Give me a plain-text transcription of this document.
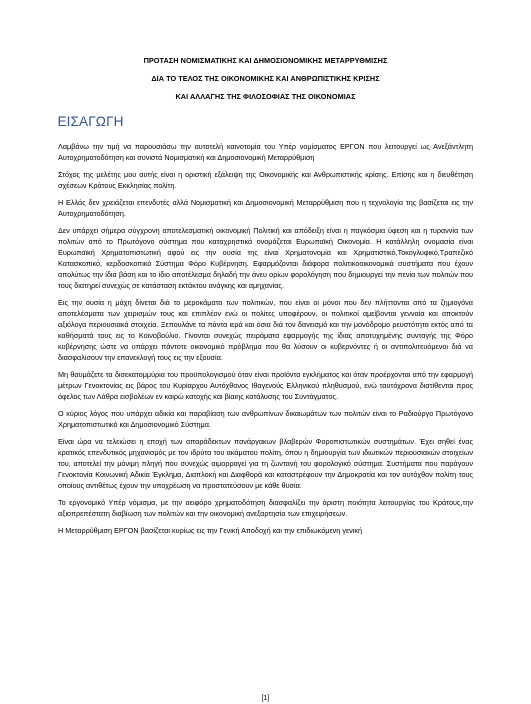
ΠΡΟΤΑΣΗ ΝΟΜΙΣΜΑΤΙΚΗΣ ΚΑΙ ΔΗΜΟΣΙΟΝΟΜΙΚΗΣ ΜΕΤΑΡΡΥΘΜΙΣΗΣ

ΔΙΑ ΤΟ ΤΕΛΟΣ ΤΗΣ ΟΙΚΟΝΟΜΙΚΗΣ ΚΑΙ ΑΝΘΡΩΠΙΣΤΙΚΗΣ ΚΡΙΣΗΣ

ΚΑΙ ΑΛΛΑΓΗΣ ΤΗΣ ΦΙΛΟΣΟΦΙΑΣ ΤΗΣ ΟΙΚΟΝΟΜΙΑΣ

ΕΙΣΑΓΩΓΗ

Λαμβάνω την τιμή να παρουσιάσω την αυτοτελή καινοτομία του Υπέρ νομίσματος ΕΡΓΟΝ που λειτουργεί ως Ανεξάντλητη Αυτοχρηματοδότηση και συνιστά Νομισματική και Δημοσιονομική Μεταρρύθμιση

Στόχος της μελέτης μου αυτής είναι η οριστική εξάλειψη της Οικονομικής και Ανθρωπιστικής κρίσης. Επίσης και η διευθέτηση σχέσεων Κράτους Εκκλησίας πολίτη.

Η Ελλάς δεν χρειάζεται επενδυτές αλλά Νομισματική και Δημοσιονομική Μεταρρύθμιση που η τεχνολογία της βασίζεται εις την Αυτοχρηματοδότηση.

Δεν υπάρχει σήμερα σύγχρονη αποτελεσματική οικονομική Πολιτική και απόδειξη είναι η παγκόσμια ύφεση και η τυραννία των πολιτών από το Πρωτόγονο σύστημα που καταχρηστικά ονομάζεται Ευρωπαϊκή Οικονομία. Η κατάλληλη ονομασία είναι Ευρωπαϊκή Χρηματοπιστωτική αφού εις την ουσία της είναι Χρηματονομία και Χρηματιστικό,Τοκογλυφικό,Τραπεζικό Κατασκοπικό, κερδοσκοπικό Σύστημα Φόρο Κυβέρνηση. Εφαρμόζονται διάφορα πολιτικοοικονομικά συστήματα που έχουν απολύτως την ίδια βάση και το ίδιο αποτέλεσμα δηλαδή την άνευ ορίων φορολόγηση που δημιουργεί την πενία των πολιτών που τους διατηρεί συνεχώς σε κατάσταση εκτάκτου ανάγκης και αμηχανίας.

Εις την ουσία η μάχη δίνεται διά το μεροκάματο των πολιτικών, που είναι οι μόνοι που δεν πλήττονται από τα ζημιογόνα αποτελέσματα των χειρισμών τους και επιπλέον ενώ οι πολίτες υποφέρουν, οι πολιτικοί αμείβονται γενναία και αποκτούν αξιόλογα περιουσιακά στοιχεία. Ξεπουλάνε τα πάντα ιερά και όσια διά τον δανεισμό και την μονόδρομο ρευστότητα εκτός από τα καθήσματά τους εις το Κοινοβούλιο. Γίνονται συνεχώς πειράματα εφαρμογής της ίδιας αποτυχημένης συνταγής της Φόρο κυβέρνησης ώστε να υπάρχει πάντοτε οικονομικό πρόβλημα που θα λύσουν οι κυβερνόντες ή οι αντιπολιτευόμενοι διά να διασφαλίσουν την επανεκλογή τους εις την εξουσία.

Μη θαυμάζετε τα δισεκατομμύρια του προϋπολογισμού όταν είναι προϊόντα εγκλήματος και όταν προέρχονται από την εφαρμογή μέτρων Γενοκτονίας εις βάρος του Κυρίαρχου Αυτόχθονος Ιθαγενούς Ελληνικού πληθυσμού, ενώ ταυτόχρονα διατίθενται προς όφελος των Λάθρα εισβολέων εν καιρώ κατοχής και βίαιης κατάλυσης του Συντάγματος.

Ο κύριος λόγος που υπάρχει αδικία και παραβίαση των ανθρωπίνων δικαιωμάτων των πολιτών είναι το Ραδιούργο Πρωτόγονο Χρηματοπιστωτικό και Δημοσιονομικό Σύστημα.

Είναι ώρα να τελειώσει η εποχή των απαράδεκτων πανάργακων βλαβερών Φοροπιστωτικών συστημάτων. Έχει σηθεί ένας κρατικός επενδυτικός μηχανισμός με τον ιδρύτα του ακάματου πολίτη, όπου η δημιουργία των ιδιωτικών περιουσιακών στοιχείων του, αποτελεί την μόνιμη πληγή που συνεχώς αιμορραγεί για τη ζωντανή του φορολογικό σύστημα. Συστήματα που παράγουν Γενοκτονία Κοινωνική Αδικία Έγκλημα, Διαπλοκή και Διαφθορά και καταστρέφουν την Δημοκρατία και τον αυτόχθον πολίτη τους οποίους αντιθέτως έχουν την υποχρέωση να προστατεύσουν με κάθε θυσία.

Το εργονομικό Υπέρ νόμισμα, με την αειφόρο χρηματοδότηση διασφαλίζει την άριστη ποιότητα λειτουργίας του Κράτους,την αξιοπρεπέστατη διαβίωση των πολιτών και την οικονομική ανεξαρτησία των επιχειρήσεων.

Η Μεταρρύθμιση ΕΡΓΟΝ βασίζεται κυρίως εις την Γενική Αποδοχή και την επιδιωκόμενη γενική

[1]
